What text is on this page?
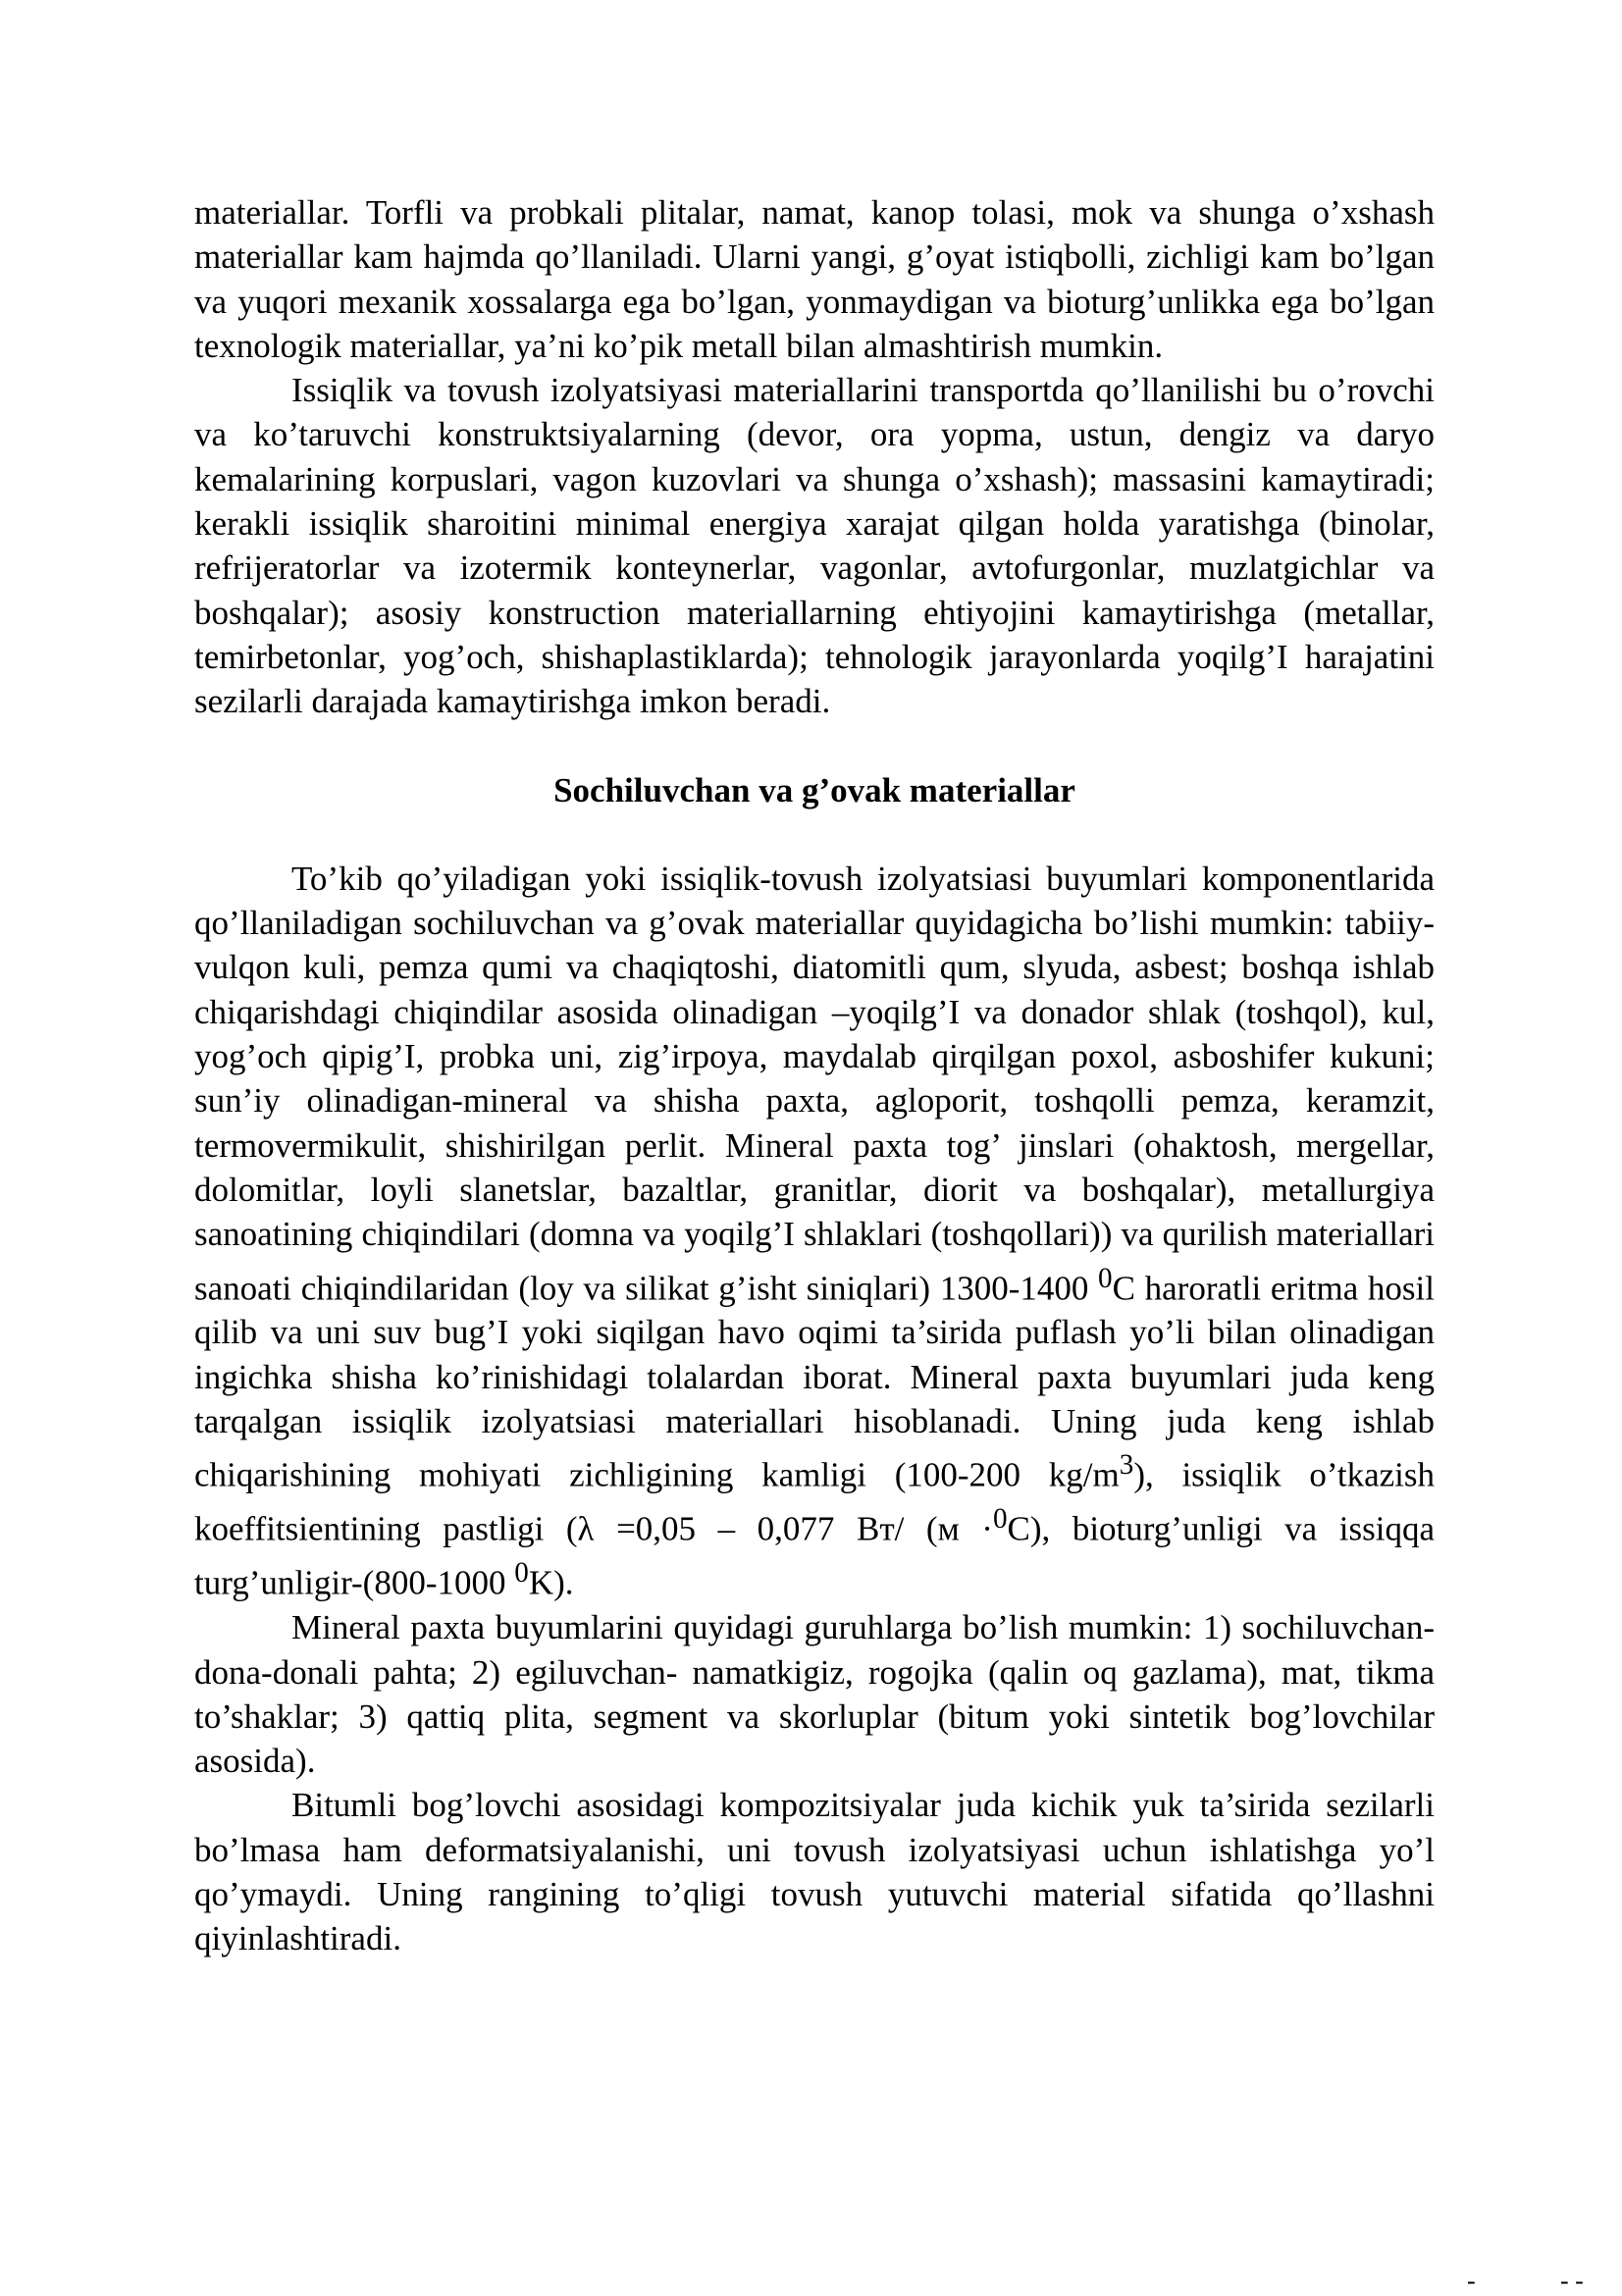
materiallar. Torfli va probkali plitalar, namat, kanop tolasi, mok va shunga o’xshash materiallar kam hajmda qo’llaniladi. Ularni yangi, g’oyat istiqbolli, zichligi kam bo’lgan va yuqori mexanik xossalarga ega bo’lgan, yonmaydigan va bioturg’unlikka ega bo’lgan texnologik materiallar, ya’ni ko’pik metall bilan almashtirish mumkin.

Issiqlik va tovush izolyatsiyasi materiallarini transportda qo’llanilishi bu o’rovchi va ko’taruvchi konstruktsiyalarning (devor, ora yopma, ustun, dengiz va daryo kemalarining korpuslari, vagon kuzovlari va shunga o’xshash); massasini kamaytiradi; kerakli issiqlik sharoitini minimal energiya xarajat qilgan holda yaratishga (binolar, refrijeratorlar va izotermik konteynerlar, vagonlar, avtofurgonlar, muzlatgichlar va boshqalar); asosiy konstruction materiallarning ehtiyojini kamaytirishga (metallar, temirbetonlar, yog’och, shishaplastiklarda); tehnologik jarayonlarda yoqilg’I harajatini sezilarli darajada kamaytirishga imkon beradi.

Sochiluvchan va g’ovak materiallar

To’kib qo’yiladigan yoki issiqlik-tovush izolyatsiasi buyumlari komponentlarida qo’llaniladigan sochiluvchan va g’ovak materiallar quyidagicha bo’lishi mumkin: tabiiy-vulqon kuli, pemza qumi va chaqiqtoshi, diatomitli qum, slyuda, asbest; boshqa ishlab chiqarishdagi chiqindilar asosida olinadigan –yoqilg’I va donador shlak (toshqol), kul, yog’och qipig’I, probka uni, zig’irpoya, maydalab qirqilgan poxol, asboshifer kukuni; sun’iy olinadigan-mineral va shisha paxta, agloporit, toshqolli pemza, keramzit, termovermikulit, shishirilgan perlit. Mineral paxta tog’ jinslari (ohaktosh, mergellar, dolomitlar, loyli slanetslar, bazaltlar, granitlar, diorit va boshqalar), metallurgiya sanoatining chiqindilari (domna va yoqilg’I shlaklari (toshqollari)) va qurilish materiallari sanoati chiqindilaridan (loy va silikat g’isht siniqlari) 1300-1400 $^0$C haroratli eritma hosil qilib va uni suv bug’I yoki siqilgan havo oqimi ta’sirida puflash yo’li bilan olinadigan ingichka shisha ko’rinishidagi tolalardan iborat. Mineral paxta buyumlari juda keng tarqalgan issiqlik izolyatsiasi materiallari hisoblanadi. Uning juda keng ishlab chiqarishining mohiyati zichligining kamligi (100-200 $kg/m^3$), issiqlik o’tkazish koeffitsientining pastligi (λ =0,05 – 0,077 Вт/ (м ·$^0$C), bioturg’unligi va issiqqa turg’unligir-(800-1000 $^0$K).

Mineral paxta buyumlarini quyidagi guruhlarga bo’lish mumkin: 1) sochiluvchan-dona-donali pahta; 2) egiluvchan- namatkigiz, rogojka (qalin oq gazlama), mat, tikma to’shaklar; 3) qattiq plita, segment va skorluplar (bitum yoki sintetik bog’lovchilar asosida).

Bitumli bog’lovchi asosidagi kompozitsiyalar juda kichik yuk ta’sirida sezilarli bo’lmasa ham deformatsiyalanishi, uni tovush izolyatsiyasi uchun ishlatishga yo’l qo’ymaydi. Uning rangining to’qligi tovush yutuvchi material sifatida qo’llashni qiyinlashtiradi.

-	- -
